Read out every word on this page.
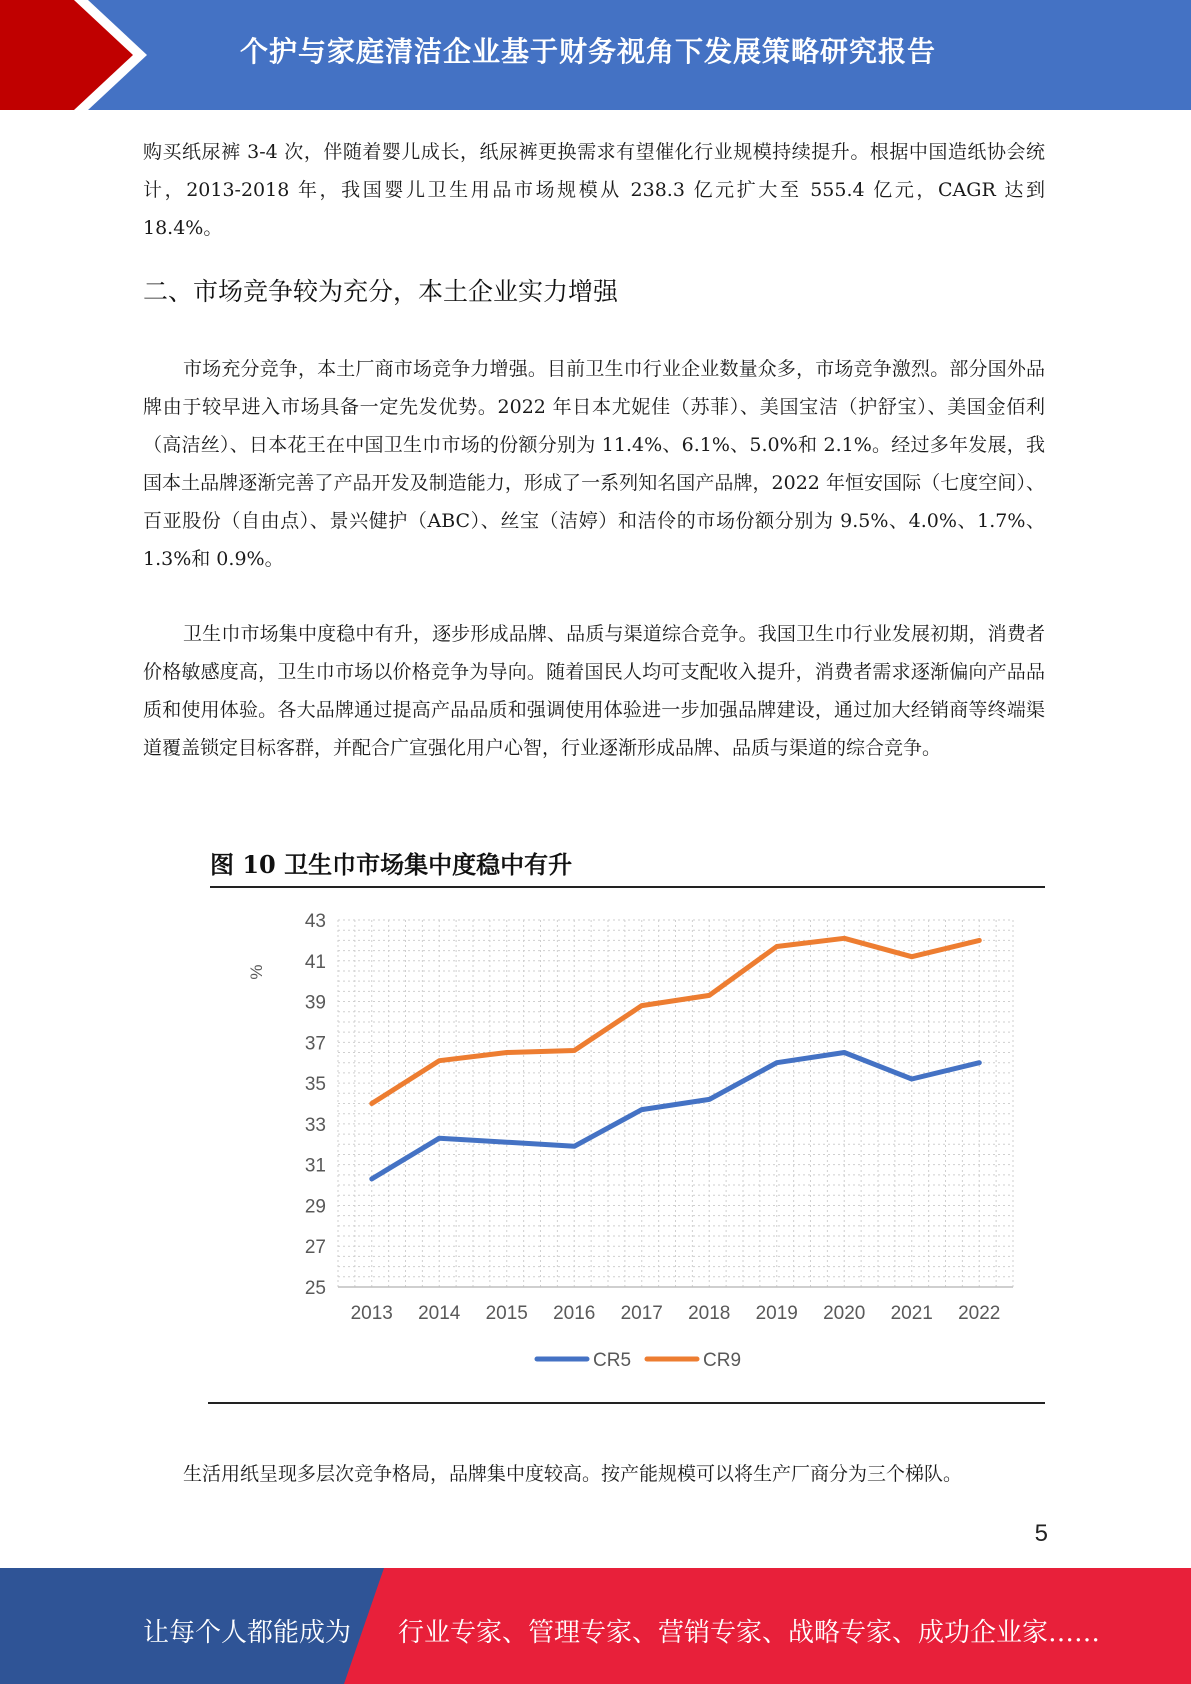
个护与家庭清洁企业基于财务视角下发展策略研究报告

购买纸尿裤 3-4 次，伴随着婴儿成长，纸尿裤更换需求有望催化行业规模持续提升。根据中国造纸协会统计，2013-2018 年，我国婴儿卫生用品市场规模从 238.3 亿元扩大至 555.4 亿元，CAGR 达到 18.4%。

二、市场竞争较为充分，本土企业实力增强

市场充分竞争，本土厂商市场竞争力增强。目前卫生巾行业企业数量众多，市场竞争激烈。部分国外品牌由于较早进入市场具备一定先发优势。2022 年日本尤妮佳（苏菲）、美国宝洁（护舒宝）、美国金佰利（高洁丝）、日本花王在中国卫生巾市场的份额分别为 11.4%、6.1%、5.0%和 2.1%。经过多年发展，我国本土品牌逐渐完善了产品开发及制造能力，形成了一系列知名国产品牌，2022 年恒安国际（七度空间）、百亚股份（自由点）、景兴健护（ABC）、丝宝（洁婷）和洁伶的市场份额分别为 9.5%、4.0%、1.7%、1.3%和 0.9%。

卫生巾市场集中度稳中有升，逐步形成品牌、品质与渠道综合竞争。我国卫生巾行业发展初期，消费者价格敏感度高，卫生巾市场以价格竞争为导向。随着国民人均可支配收入提升，消费者需求逐渐偏向产品品质和使用体验。各大品牌通过提高产品品质和强调使用体验进一步加强品牌建设，通过加大经销商等终端渠道覆盖锁定目标客群，并配合广宣强化用户心智，行业逐渐形成品牌、品质与渠道的综合竞争。

图 10 卫生巾市场集中度稳中有升
25
27
29
31
33
35
37
39
41
43
%
2013 2014 2015 2016 2017 2018 2019 2020 2021 2022
CR5	CR9

生活用纸呈现多层次竞争格局，品牌集中度较高。按产能规模可以将生产厂商分为三个梯队。

5
让每个人都能成为 行业专家、管理专家、营销专家、战略专家、成功企业家……
